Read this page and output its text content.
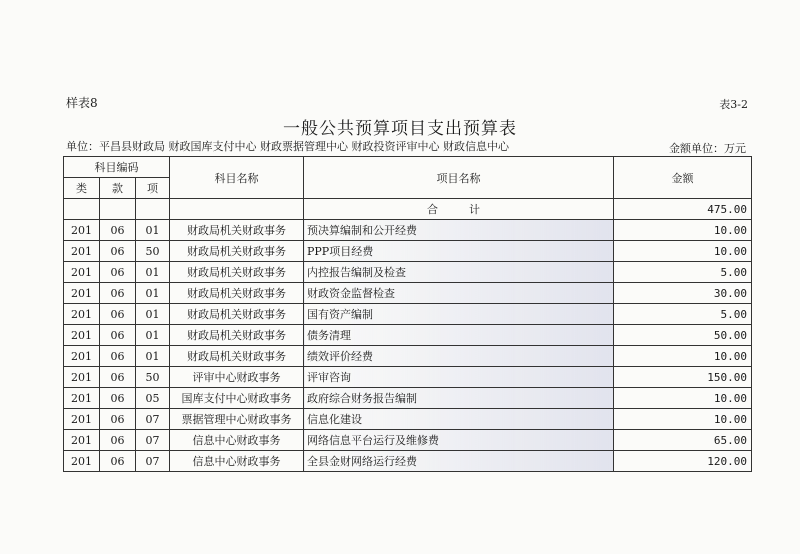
样表8	表3-2
一般公共预算项目支出预算表
单位：平昌县财政局 财政国库支付中心 财政票据管理中心 财政投资评审中心 财政信息中心	金额单位：万元
科目编码			科目名称	项目名称	金额
类	款	项			
				合　计	475.00
201	06	01	财政局机关财政事务	预决算编制和公开经费	10.00
201	06	50	财政局机关财政事务	PPP项目经费	10.00
201	06	01	财政局机关财政事务	内控报告编制及检查	5.00
201	06	01	财政局机关财政事务	财政资金监督检查	30.00
201	06	01	财政局机关财政事务	国有资产编制	5.00
201	06	01	财政局机关财政事务	债务清理	50.00
201	06	01	财政局机关财政事务	绩效评价经费	10.00
201	06	50	评审中心财政事务	评审咨询	150.00
201	06	05	国库支付中心财政事务	政府综合财务报告编制	10.00
201	06	07	票据管理中心财政事务	信息化建设	10.00
201	06	07	信息中心财政事务	网络信息平台运行及维修费	65.00
201	06	07	信息中心财政事务	全县金财网络运行经费	120.00
